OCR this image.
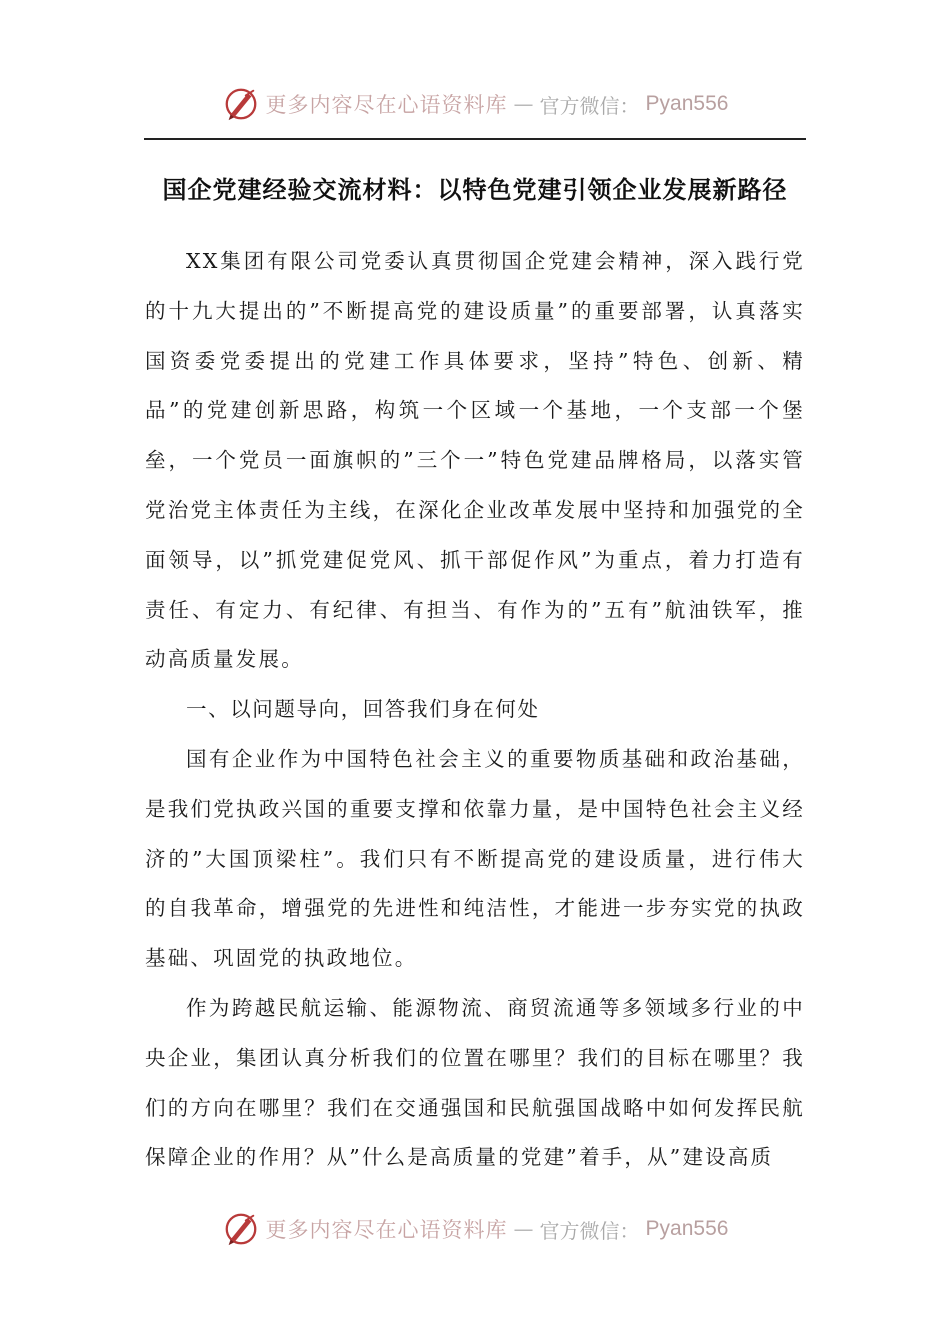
更多内容尽在心语资料库 — 官方微信： Pyan556
国企党建经验交流材料：以特色党建引领企业发展新路径

XX集团有限公司党委认真贯彻国企党建会精神，深入践行党的十九大提出的”不断提高党的建设质量”的重要部署，认真落实国资委党委提出的党建工作具体要求，坚持”特色、创新、精品”的党建创新思路，构筑一个区域一个基地，一个支部一个堡垒，一个党员一面旗帜的”三个一”特色党建品牌格局，以落实管党治党主体责任为主线，在深化企业改革发展中坚持和加强党的全面领导，以”抓党建促党风、抓干部促作风”为重点，着力打造有责任、有定力、有纪律、有担当、有作为的”五有”航油铁军，推动高质量发展。

一、以问题导向，回答我们身在何处

国有企业作为中国特色社会主义的重要物质基础和政治基础，是我们党执政兴国的重要支撑和依靠力量，是中国特色社会主义经济的”大国顶梁柱”。我们只有不断提高党的建设质量，进行伟大的自我革命，增强党的先进性和纯洁性，才能进一步夯实党的执政基础、巩固党的执政地位。

作为跨越民航运输、能源物流、商贸流通等多领域多行业的中央企业，集团认真分析我们的位置在哪里？我们的目标在哪里？我们的方向在哪里？我们在交通强国和民航强国战略中如何发挥民航保障企业的作用？从”什么是高质量的党建”着手，从”建设高质

更多内容尽在心语资料库 — 官方微信： Pyan556
